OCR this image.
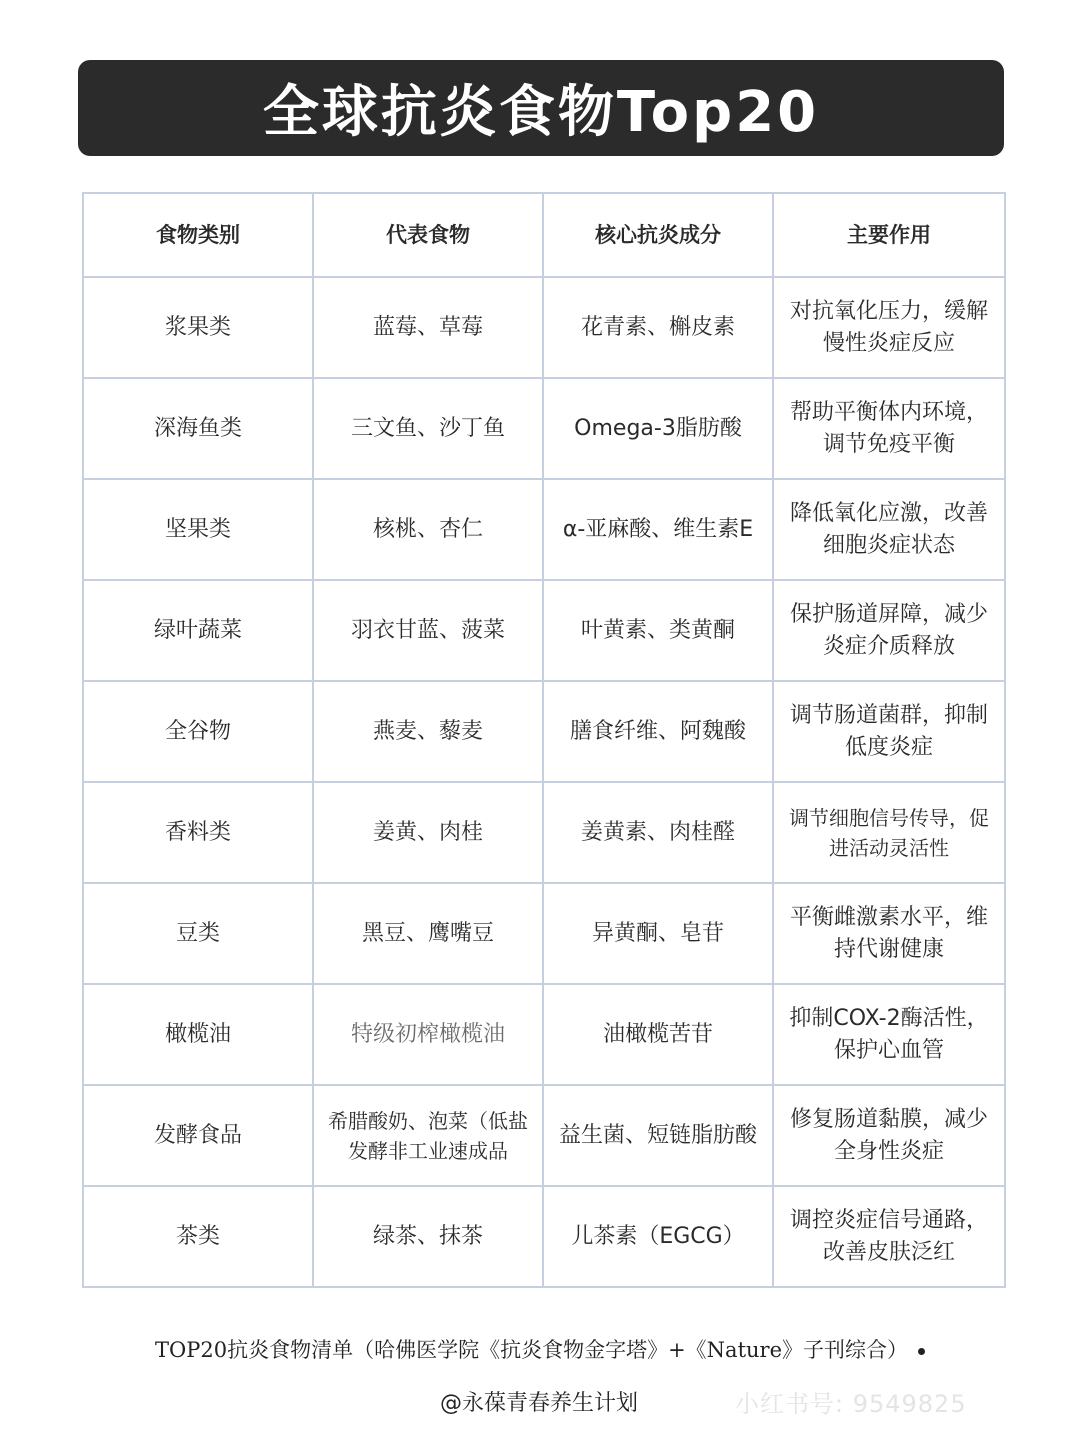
全球抗炎食物Top20
食物类别	代表食物	核心抗炎成分	主要作用
浆果类	蓝莓、草莓	花青素、槲皮素	对抗氧化压力，缓解慢性炎症反应
深海鱼类	三文鱼、沙丁鱼	Omega-3脂肪酸	帮助平衡体内环境，调节免疫平衡
坚果类	核桃、杏仁	α-亚麻酸、维生素E	降低氧化应激，改善细胞炎症状态
绿叶蔬菜	羽衣甘蓝、菠菜	叶黄素、类黄酮	保护肠道屏障，减少炎症介质释放
全谷物	燕麦、藜麦	膳食纤维、阿魏酸	调节肠道菌群，抑制低度炎症
香料类	姜黄、肉桂	姜黄素、肉桂醛	调节细胞信号传导，促进活动灵活性
豆类	黑豆、鹰嘴豆	异黄酮、皂苷	平衡雌激素水平，维持代谢健康
橄榄油	特级初榨橄榄油	油橄榄苦苷	抑制COX-2酶活性，保护心血管
发酵食品	希腊酸奶、泡菜（低盐发酵非工业速成品	益生菌、短链脂肪酸	修复肠道黏膜，减少全身性炎症
茶类	绿茶、抹茶	儿茶素（EGCG）	调控炎症信号通路，改善皮肤泛红
TOP20抗炎食物清单（哈佛医学院《抗炎食物金字塔》+《Nature》子刊综合）
@永葆青春养生计划	小红书号: 9549825
